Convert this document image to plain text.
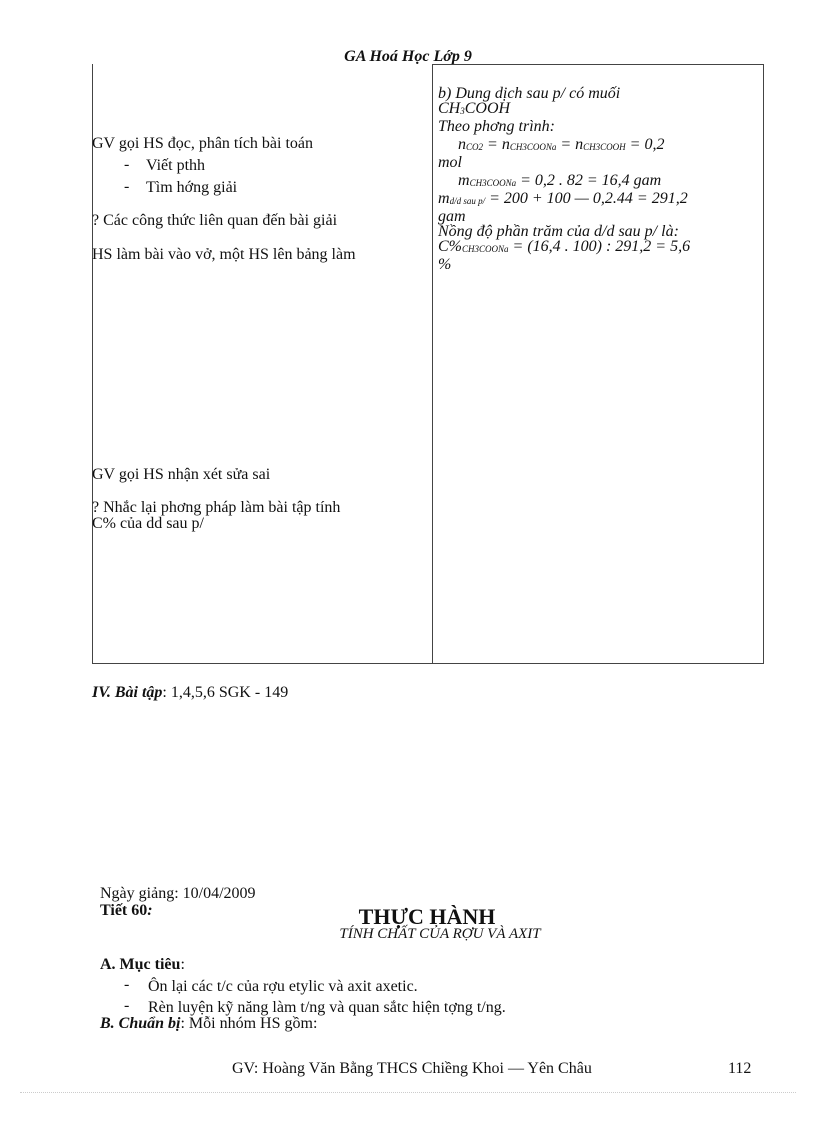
GA Hoá Học Lớp 9
GV gọi HS đọc, phân tích bài toán
- Viết pthh
- Tìm hớng giải
? Các công thức liên quan đến bài giải
HS làm bài vào vở, một HS lên bảng làm
GV gọi HS nhận xét sửa sai
? Nhắc lại phơng pháp làm bài tập tính
C% của dd sau p/
b) Dung dịch sau p/ có muối
$CH_3COOH$
Theo phơng trình:
$n_{CO2} = n_{CH3COONa} = n_{CH3COOH} = 0,2$
mol
$m_{CH3COONa} = 0,2$ . 82 = 16,4 gam
$m_{d/d sau p/} = 200 + 100$ — 0,2.44 = 291,2
gam
Nồng độ phần trăm của d/d sau p/ là:
$C\%_{CH3COONa} = (16,4$ . 100) : 291,2 = 5,6
%
IV. Bài tập: 1,4,5,6 SGK - 149
Ngày giảng: 10/04/2009
Tiết 60:	THỰC HÀNH
TÍNH CHẤT CỦA RỢU VÀ AXIT
A. Mục tiêu:
- Ôn lại các t/c của rợu etylic và axit axetic.
- Rèn luyện kỹ năng làm t/ng và quan sắtc hiện tợng t/ng.
B. Chuẩn bị: Mỗi nhóm HS gồm:
GV: Hoàng Văn Bằng THCS Chiềng Khoi — Yên Châu	112
